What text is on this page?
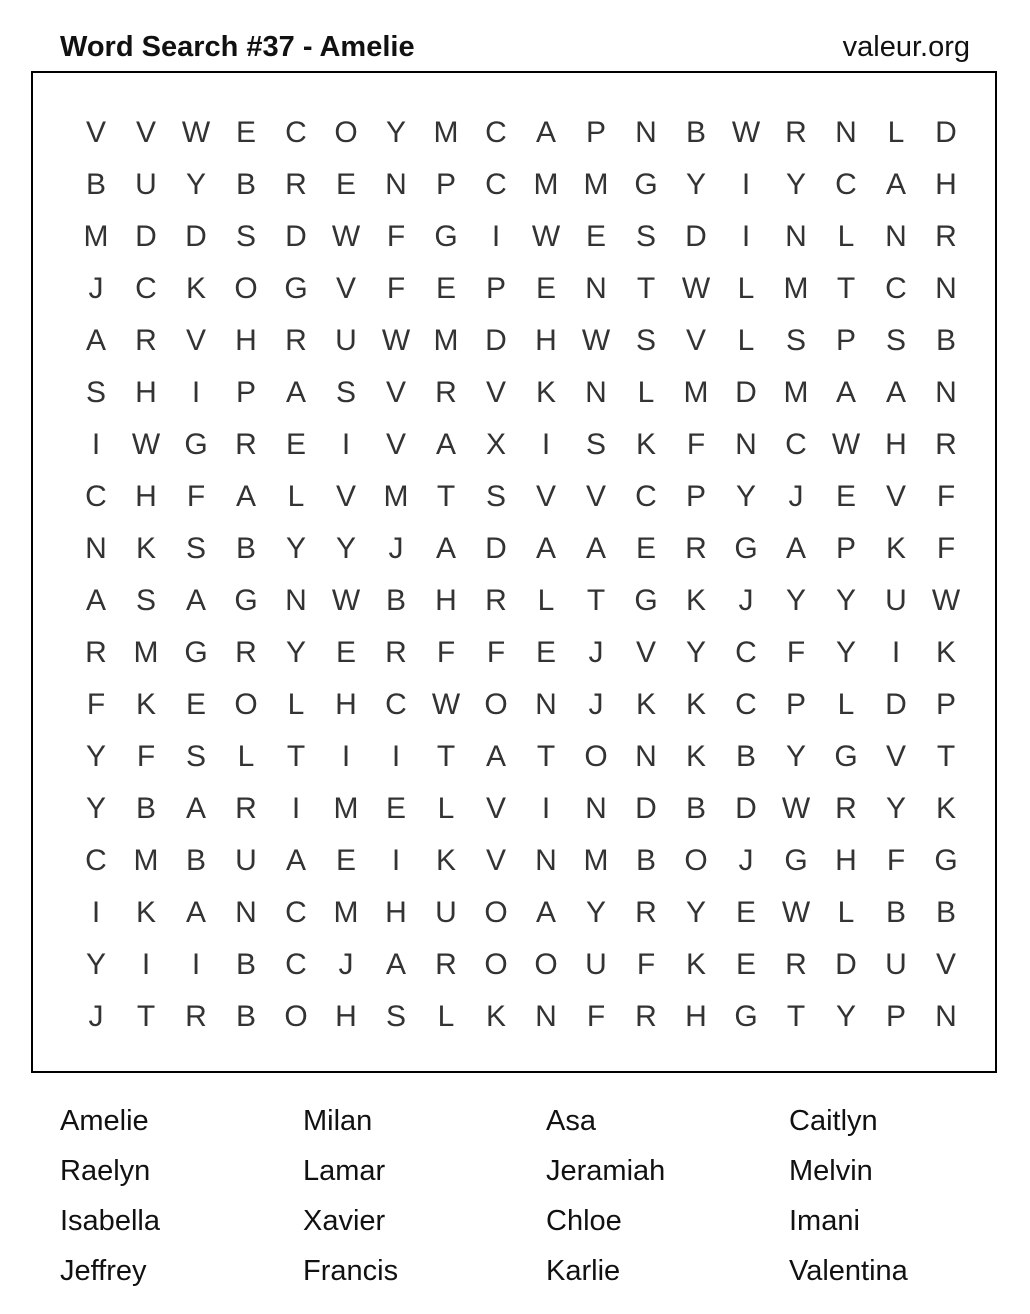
Word Search #37 - Amelie	valeur.org
V V W E C O Y M C A P N B W R N	L	D
B U Y B R E N P C M M G Y	I	Y C A H
M D D S D W F G	I	W E S D	I	N	L	N R
J	C K O G V	F	E P E N	T W L M T	C N
A R V H R U W M D H W S V	L	S P S B
S H	I	P A S V R V K N	L M D M A A N
I	W G R E	I	V A X	I	S K	F	N C W H R
C H	F	A	L	V M T	S V V C P Y	J	E V	F
N K S B Y Y	J	A D A A E R G A P K	F
A S A G N W B H R	L	T G K	J	Y Y U W
R M G R Y E R	F	F	E	J	V Y C	F	Y	I	K
F	K E O L	H C W O N	J	K K C P	L	D P
Y	F	S	L	T	I	I	T	A	T O N K B Y G V	T
Y B A R	I	M E	L	V	I	N D B D W R Y K
C M B U A E	I	K V N M B O	J	G H	F G
I	K A N C M H U O A Y R Y E W L	B B
Y	I	I	B C	J	A R O O U	F	K E R D U V
J	T	R B O H S	L	K N	F	R H G T	Y P N
Amelie	Milan	Asa	Caitlyn
Raelyn	Lamar	Jeramiah	Melvin
Isabella	Xavier	Chloe	Imani
Jeffrey	Francis	Karlie	Valentina
